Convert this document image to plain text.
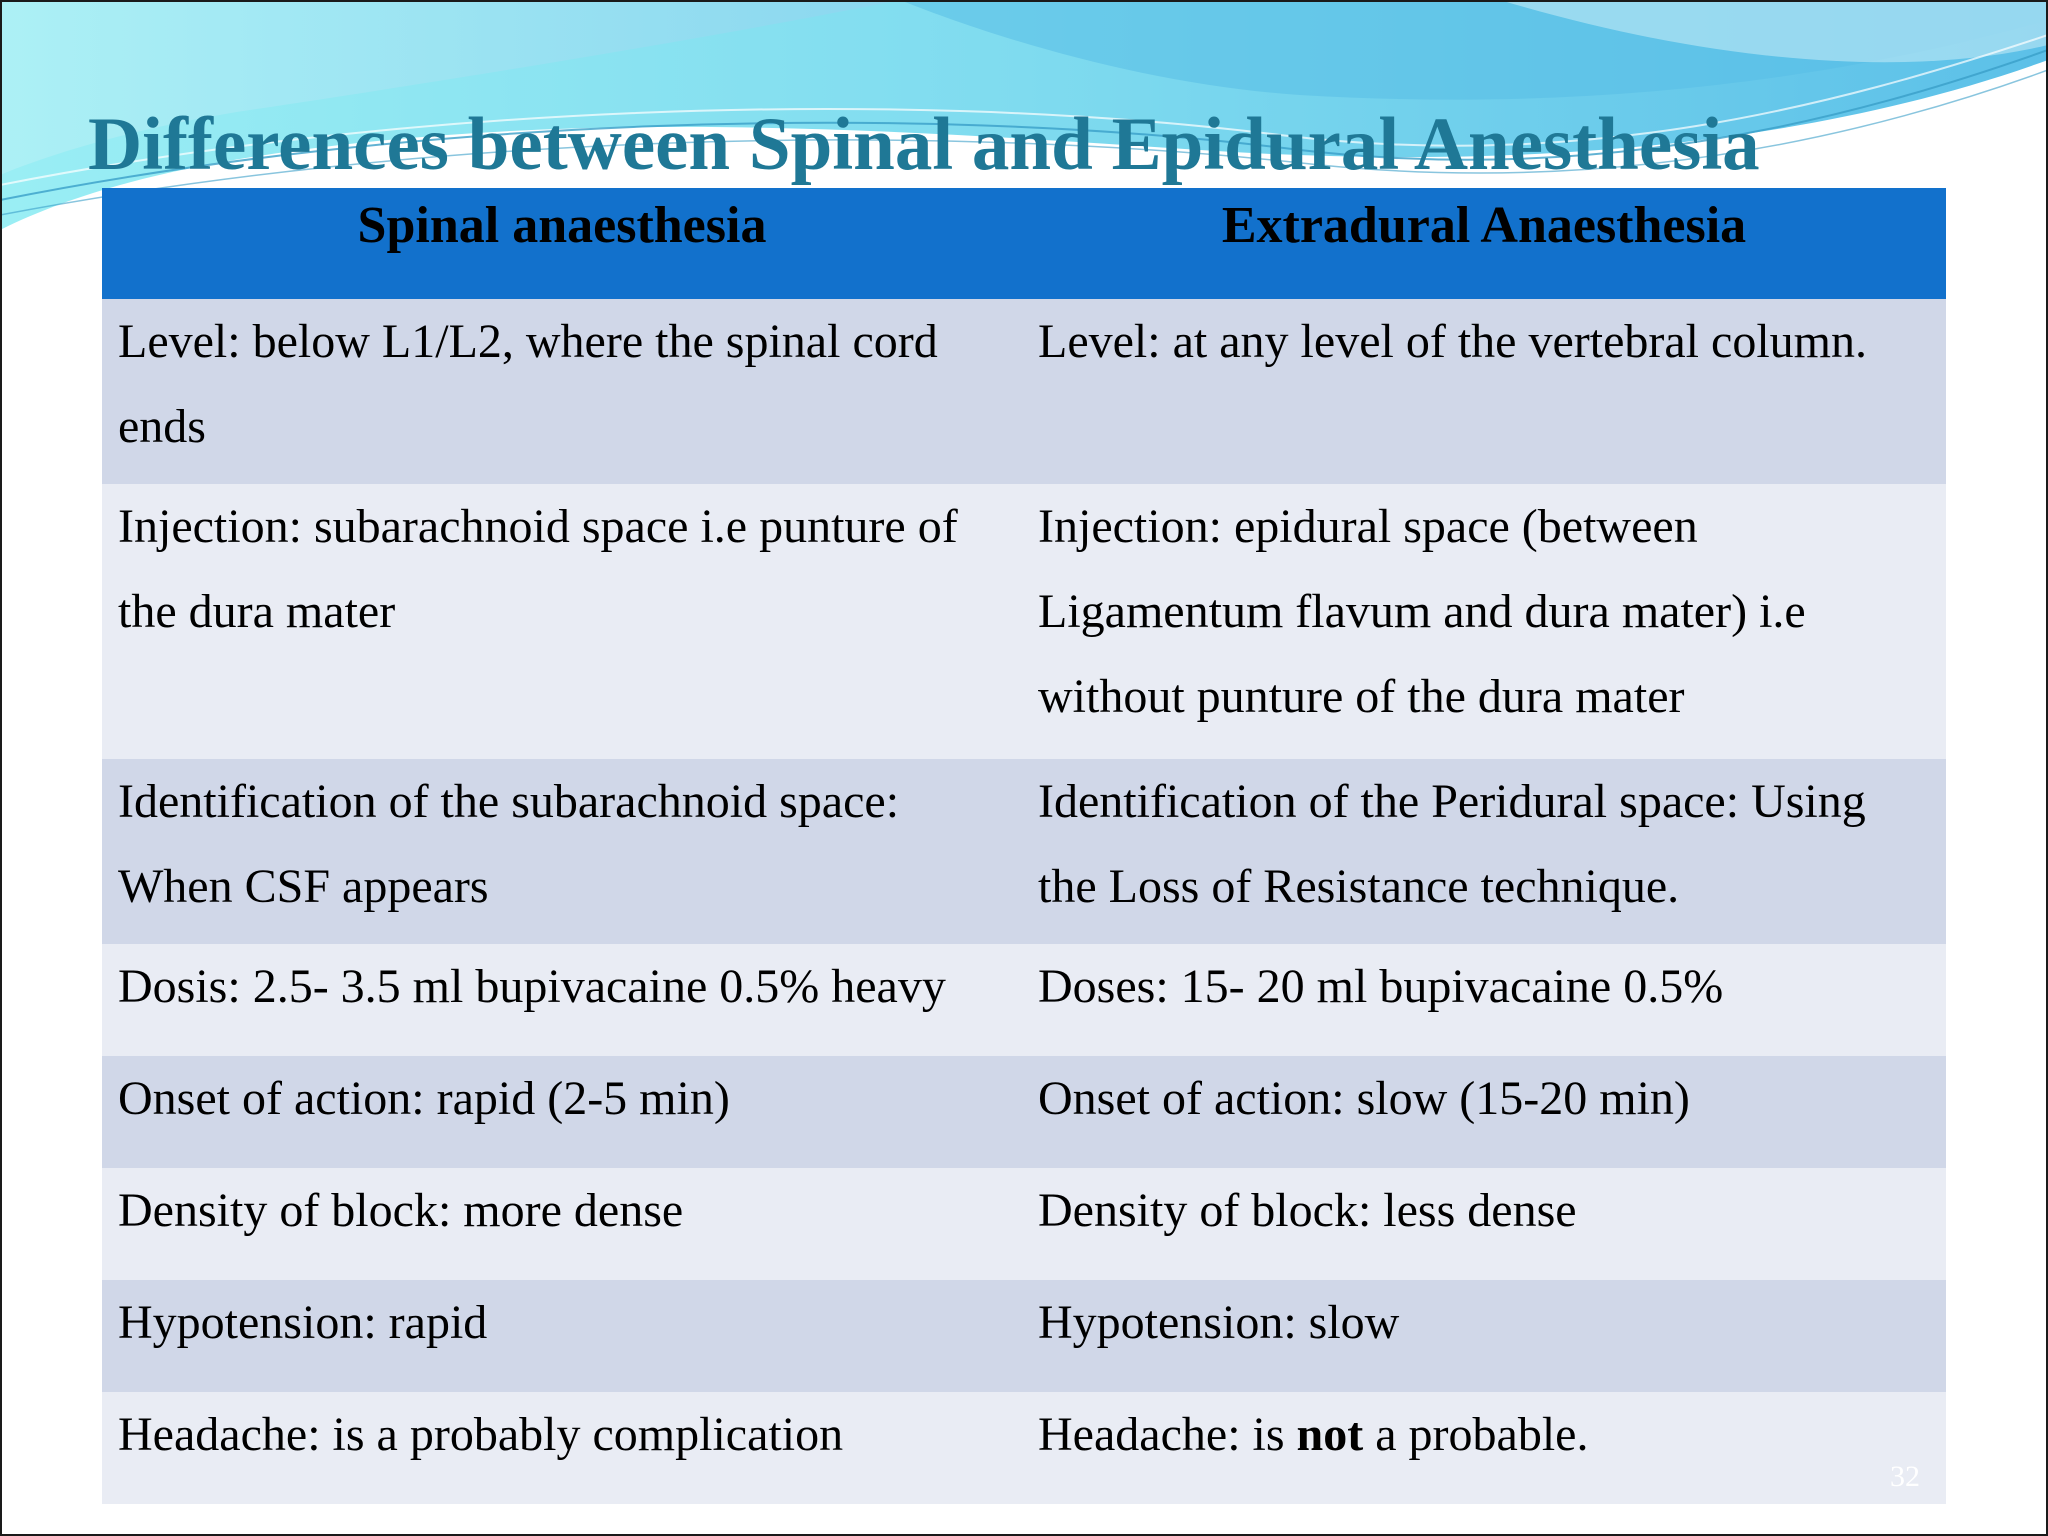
Differences between Spinal and Epidural Anesthesia
Spinal anaesthesia	Extradural Anaesthesia
Level: below L1/L2, where the spinal cord ends	Level: at any level of the vertebral column.
Injection: subarachnoid space i.e punture of the dura mater	Injection: epidural space (between Ligamentum flavum and dura mater) i.e without punture of the dura mater
Identification of the subarachnoid space: When CSF appears	Identification of the Peridural space: Using the Loss of Resistance technique.
Dosis: 2.5- 3.5 ml bupivacaine 0.5% heavy	Doses: 15- 20 ml bupivacaine 0.5%
Onset of action: rapid (2-5 min)	Onset of action: slow (15-20 min)
Density of block: more dense	Density of block: less dense
Hypotension: rapid	Hypotension: slow
Headache: is a probably complication	Headache: is not a probable.
32
